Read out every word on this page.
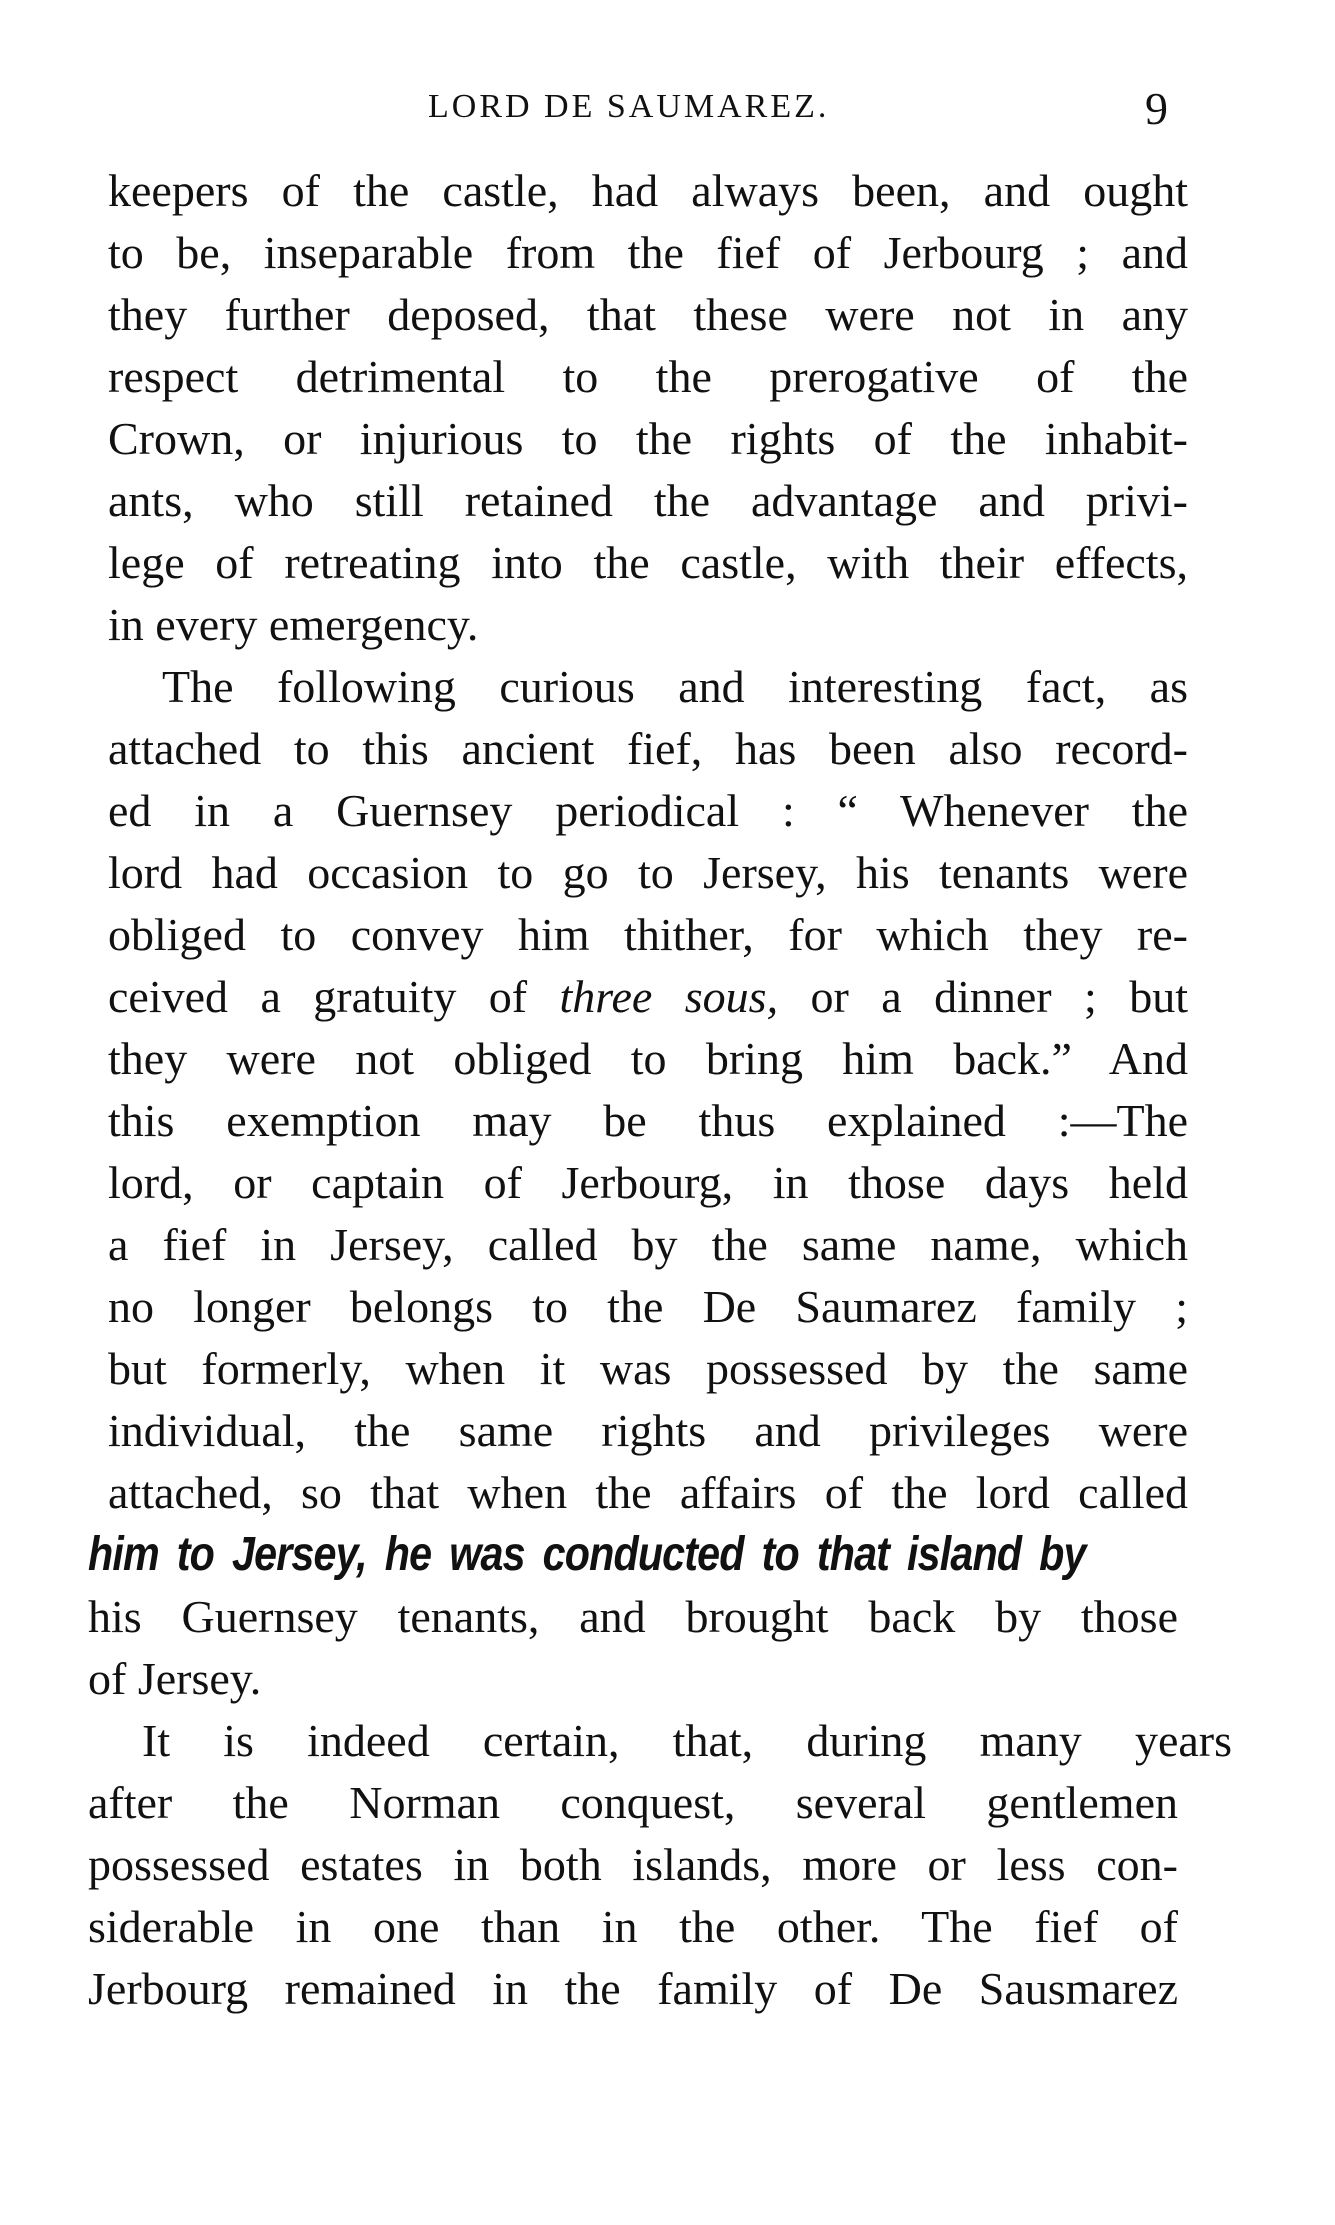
LORD DE SAUMAREZ.	9
keepers of the castle, had always been, and ought
to be, inseparable from the fief of Jerbourg ; and
they further deposed, that these were not in any
respect detrimental to the prerogative of the
Crown, or injurious to the rights of the inhabit-
ants, who still retained the advantage and privi-
lege of retreating into the castle, with their effects,
in every emergency.
The following curious and interesting fact, as
attached to this ancient fief, has been also record-
ed in a Guernsey periodical : “ Whenever the
lord had occasion to go to Jersey, his tenants were
obliged to convey him thither, for which they re-
ceived a gratuity of three sous, or a dinner ; but
they were not obliged to bring him back.” And
this exemption may be thus explained :—The
lord, or captain of Jerbourg, in those days held
a fief in Jersey, called by the same name, which
no longer belongs to the De Saumarez family ;
but formerly, when it was possessed by the same
individual, the same rights and privileges were
attached, so that when the affairs of the lord called
him to Jersey, he was conducted to that island by
his Guernsey tenants, and brought back by those
of Jersey.
It is indeed certain, that, during many years
after the Norman conquest, several gentlemen
possessed estates in both islands, more or less con-
siderable in one than in the other. The fief of
Jerbourg remained in the family of De Sausmarez
